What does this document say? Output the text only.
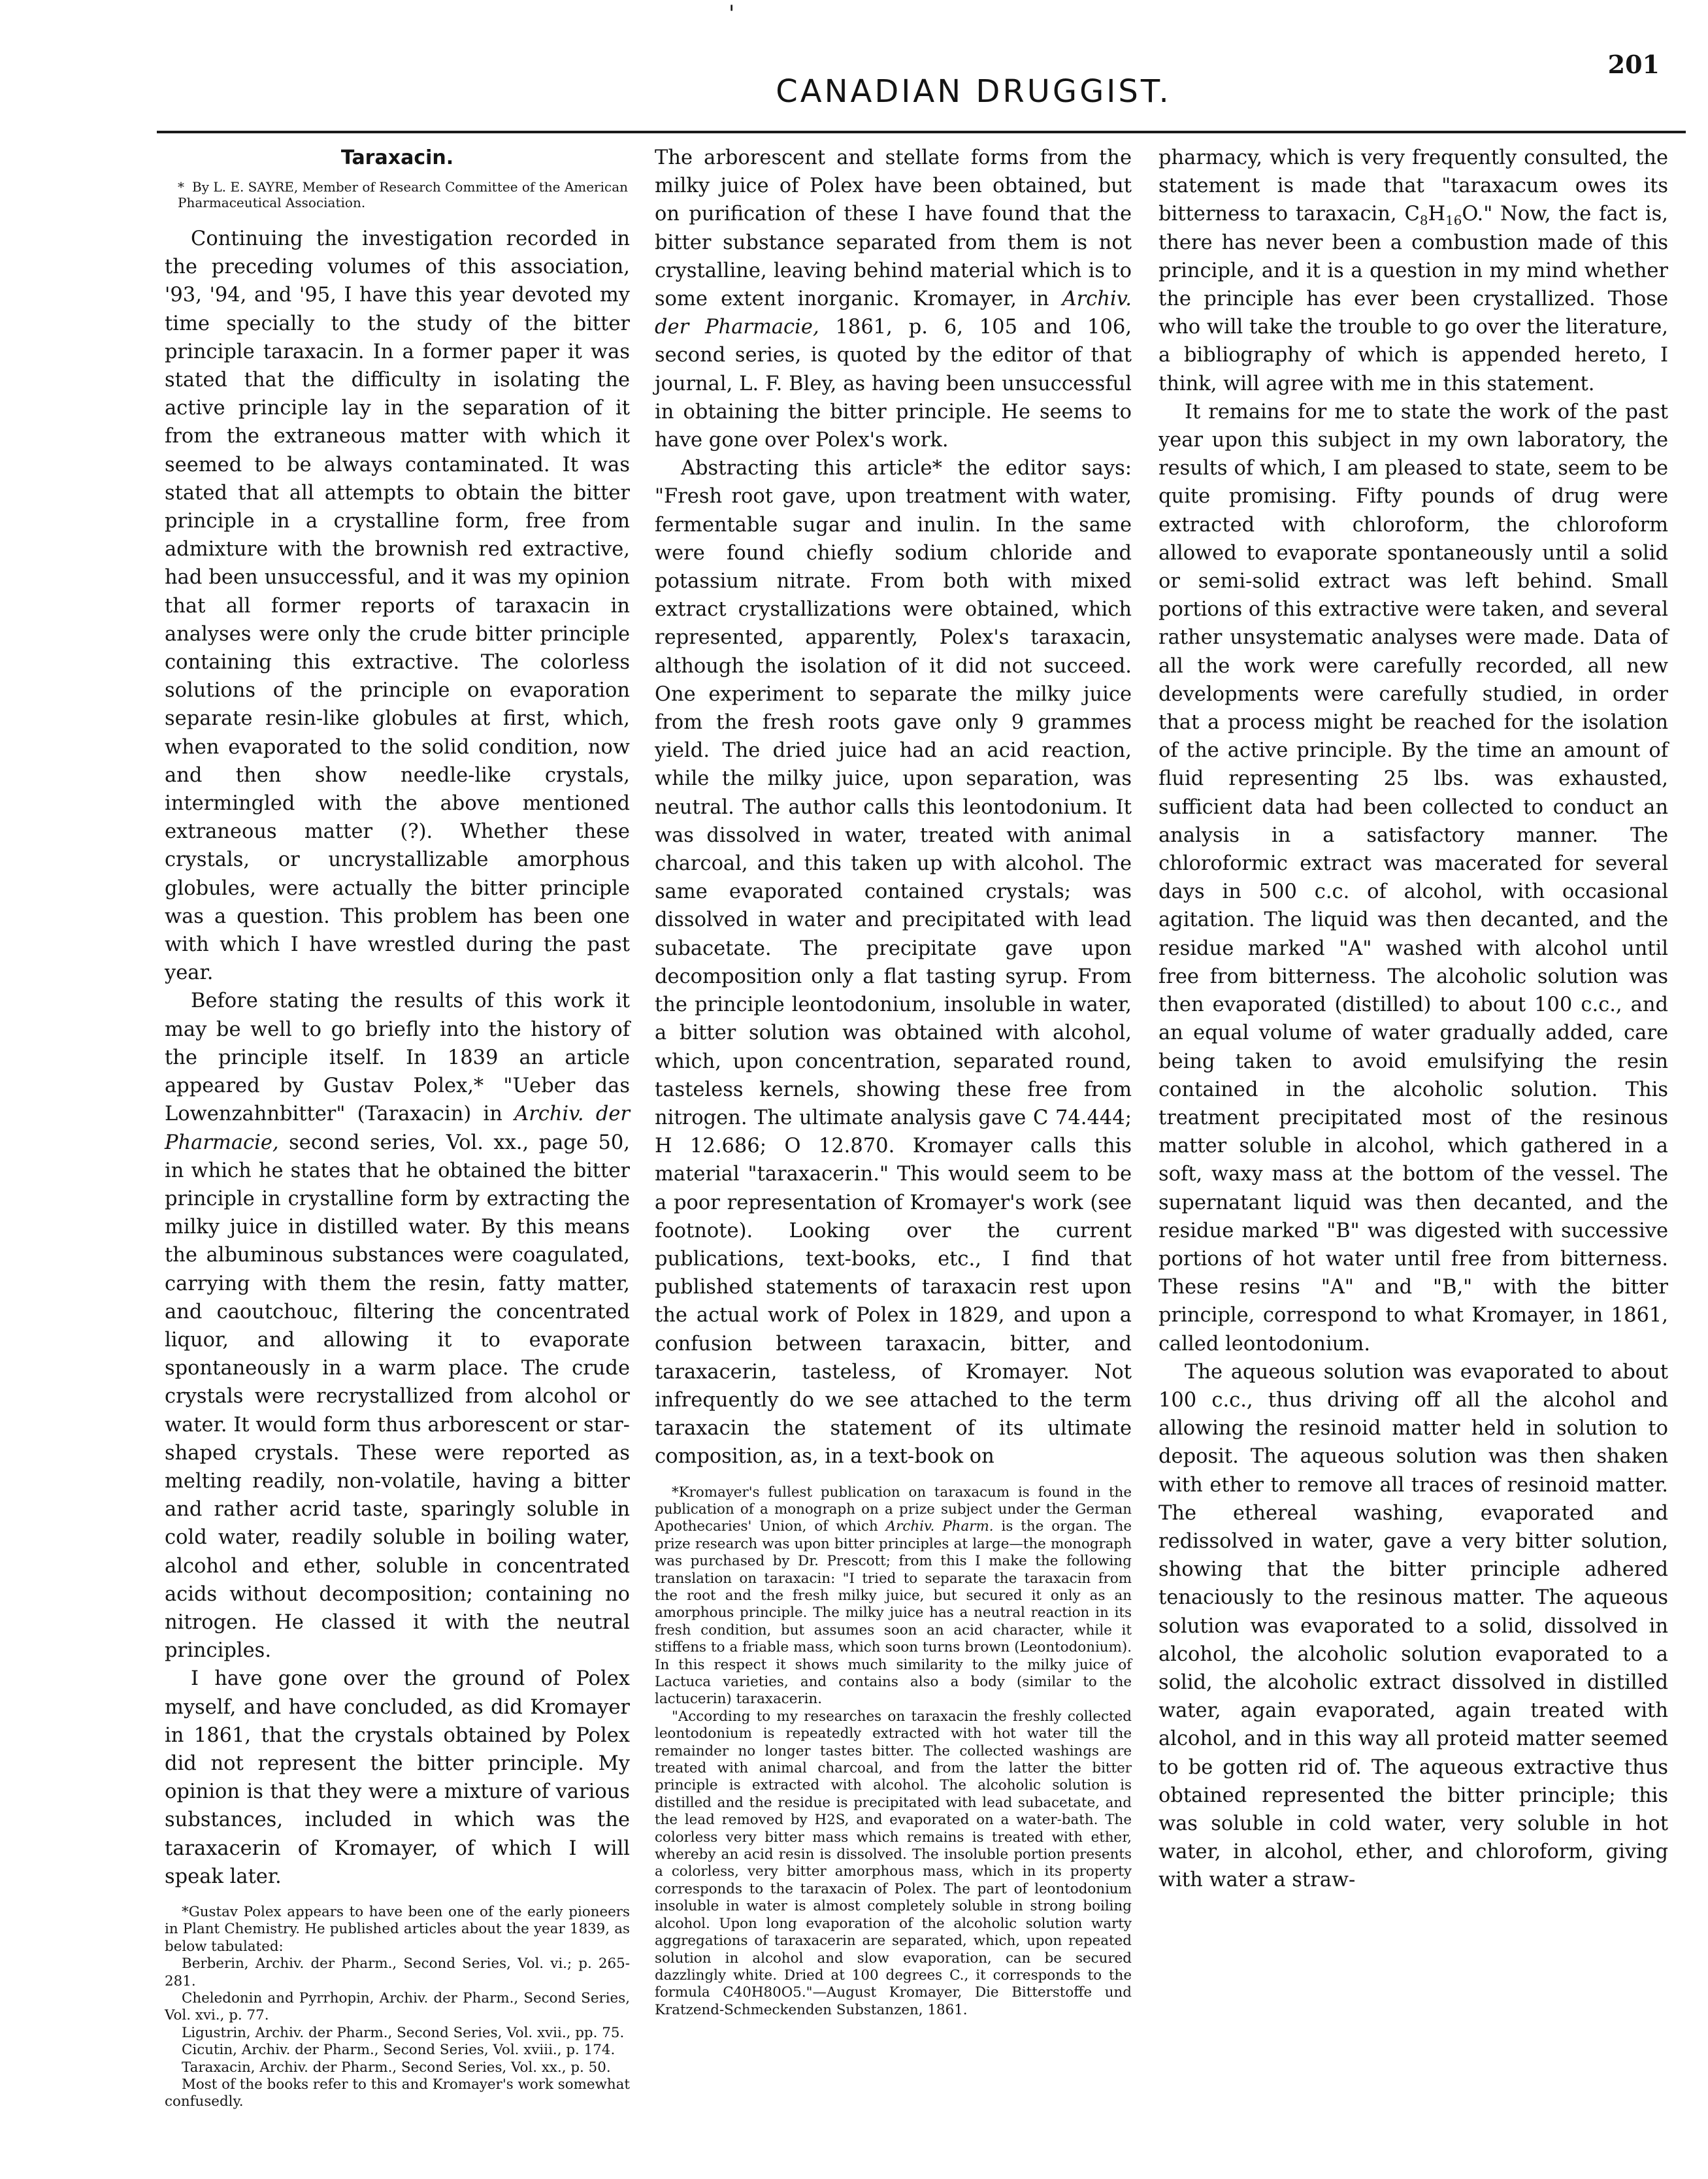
'
CANADIAN DRUGGIST.
201
Taraxacin.
* By L. E. SAYRE, Member of Research Committee of the American Pharmaceutical Association.

Continuing the investigation recorded in the preceding volumes of this association, '93, '94, and '95, I have this year devoted my time specially to the study of the bitter principle taraxacin. In a former paper it was stated that the difficulty in isolating the active principle lay in the separation of it from the extraneous matter with which it seemed to be always contaminated. It was stated that all attempts to obtain the bitter principle in a crystalline form, free from admixture with the brownish red extractive, had been unsuccessful, and it was my opinion that all former reports of taraxacin in analyses were only the crude bitter principle containing this extractive. The colorless solutions of the principle on evaporation separate resin-like globules at first, which, when evaporated to the solid condition, now and then show needle-like crystals, intermingled with the above mentioned extraneous matter (?). Whether these crystals, or uncrystallizable amorphous globules, were actually the bitter principle was a question. This problem has been one with which I have wrestled during the past year.

Before stating the results of this work it may be well to go briefly into the history of the principle itself. In 1839 an article appeared by Gustav Polex,* "Ueber das Lowenzahnbitter" (Taraxacin) in Archiv. der Pharmacie, second series, Vol. xx., page 50, in which he states that he obtained the bitter principle in crystalline form by extracting the milky juice in distilled water. By this means the albuminous substances were coagulated, carrying with them the resin, fatty matter, and caoutchouc, filtering the concentrated liquor, and allowing it to evaporate spontaneously in a warm place. The crude crystals were recrystallized from alcohol or water. It would form thus arborescent or star-shaped crystals. These were reported as melting readily, non-volatile, having a bitter and rather acrid taste, sparingly soluble in cold water, readily soluble in boiling water, alcohol and ether, soluble in concentrated acids without decomposition; containing no nitrogen. He classed it with the neutral principles.

I have gone over the ground of Polex myself, and have concluded, as did Kromayer in 1861, that the crystals obtained by Polex did not represent the bitter principle. My opinion is that they were a mixture of various substances, included in which was the taraxacerin of Kromayer, of which I will speak later.

*Gustav Polex appears to have been one of the early pioneers in Plant Chemistry. He published articles about the year 1839, as below tabulated:

Berberin, Archiv. der Pharm., Second Series, Vol. vi.; p. 265-281.

Cheledonin and Pyrrhopin, Archiv. der Pharm., Second Series, Vol. xvi., p. 77.

Ligustrin, Archiv. der Pharm., Second Series, Vol. xvii., pp. 75.

Cicutin, Archiv. der Pharm., Second Series, Vol. xviii., p. 174.

Taraxacin, Archiv. der Pharm., Second Series, Vol. xx., p. 50.

Most of the books refer to this and Kromayer's work somewhat confusedly.

The arborescent and stellate forms from the milky juice of Polex have been obtained, but on purification of these I have found that the bitter substance separated from them is not crystalline, leaving behind material which is to some extent inorganic. Kromayer, in Archiv. der Pharmacie, 1861, p. 6, 105 and 106, second series, is quoted by the editor of that journal, L. F. Bley, as having been unsuccessful in obtaining the bitter principle. He seems to have gone over Polex's work.

Abstracting this article* the editor says: "Fresh root gave, upon treatment with water, fermentable sugar and inulin. In the same were found chiefly sodium chloride and potassium nitrate. From both with mixed extract crystallizations were obtained, which represented, apparently, Polex's taraxacin, although the isolation of it did not succeed. One experiment to separate the milky juice from the fresh roots gave only 9 grammes yield. The dried juice had an acid reaction, while the milky juice, upon separation, was neutral. The author calls this leontodonium. It was dissolved in water, treated with animal charcoal, and this taken up with alcohol. The same evaporated contained crystals; was dissolved in water and precipitated with lead subacetate. The precipitate gave upon decomposition only a flat tasting syrup. From the principle leontodonium, insoluble in water, a bitter solution was obtained with alcohol, which, upon concentration, separated round, tasteless kernels, showing these free from nitrogen. The ultimate analysis gave C 74.444; H 12.686; O 12.870. Kromayer calls this material "taraxacerin." This would seem to be a poor representation of Kromayer's work (see footnote). Looking over the current publications, text-books, etc., I find that published statements of taraxacin rest upon the actual work of Polex in 1829, and upon a confusion between taraxacin, bitter, and taraxacerin, tasteless, of Kromayer. Not infrequently do we see attached to the term taraxacin the statement of its ultimate composition, as, in a text-book on

*Kromayer's fullest publication on taraxacum is found in the publication of a monograph on a prize subject under the German Apothecaries' Union, of which Archiv. Pharm. is the organ. The prize research was upon bitter principles at large—the monograph was purchased by Dr. Prescott; from this I make the following translation on taraxacin: "I tried to separate the taraxacin from the root and the fresh milky juice, but secured it only as an amorphous principle. The milky juice has a neutral reaction in its fresh condition, but assumes soon an acid character, while it stiffens to a friable mass, which soon turns brown (Leontodonium). In this respect it shows much similarity to the milky juice of Lactuca varieties, and contains also a body (similar to the lactucerin) taraxacerin.

"According to my researches on taraxacin the freshly collected leontodonium is repeatedly extracted with hot water till the remainder no longer tastes bitter. The collected washings are treated with animal charcoal, and from the latter the bitter principle is extracted with alcohol. The alcoholic solution is distilled and the residue is precipitated with lead subacetate, and the lead removed by H2S, and evaporated on a water-bath. The colorless very bitter mass which remains is treated with ether, whereby an acid resin is dissolved. The insoluble portion presents a colorless, very bitter amorphous mass, which in its property corresponds to the taraxacin of Polex. The part of leontodonium insoluble in water is almost completely soluble in strong boiling alcohol. Upon long evaporation of the alcoholic solution warty aggregations of taraxacerin are separated, which, upon repeated solution in alcohol and slow evaporation, can be secured dazzlingly white. Dried at 100 degrees C., it corresponds to the formula C40H80O5."—August Kromayer, Die Bitterstoffe und Kratzend-Schmeckenden Substanzen, 1861.

pharmacy, which is very frequently consulted, the statement is made that "taraxacum owes its bitterness to taraxacin, $C_8H_{16}O$." Now, the fact is, there has never been a combustion made of this principle, and it is a question in my mind whether the principle has ever been crystallized. Those who will take the trouble to go over the literature, a bibliography of which is appended hereto, I think, will agree with me in this statement.

It remains for me to state the work of the past year upon this subject in my own laboratory, the results of which, I am pleased to state, seem to be quite promising. Fifty pounds of drug were extracted with chloroform, the chloroform allowed to evaporate spontaneously until a solid or semi-solid extract was left behind. Small portions of this extractive were taken, and several rather unsystematic analyses were made. Data of all the work were carefully recorded, all new developments were carefully studied, in order that a process might be reached for the isolation of the active principle. By the time an amount of fluid representing 25 lbs. was exhausted, sufficient data had been collected to conduct an analysis in a satisfactory manner. The chloroformic extract was macerated for several days in 500 c.c. of alcohol, with occasional agitation. The liquid was then decanted, and the residue marked "A" washed with alcohol until free from bitterness. The alcoholic solution was then evaporated (distilled) to about 100 c.c., and an equal volume of water gradually added, care being taken to avoid emulsifying the resin contained in the alcoholic solution. This treatment precipitated most of the resinous matter soluble in alcohol, which gathered in a soft, waxy mass at the bottom of the vessel. The supernatant liquid was then decanted, and the residue marked "B" was digested with successive portions of hot water until free from bitterness. These resins "A" and "B," with the bitter principle, correspond to what Kromayer, in 1861, called leontodonium.

The aqueous solution was evaporated to about 100 c.c., thus driving off all the alcohol and allowing the resinoid matter held in solution to deposit. The aqueous solution was then shaken with ether to remove all traces of resinoid matter. The ethereal washing, evaporated and redissolved in water, gave a very bitter solution, showing that the bitter principle adhered tenaciously to the resinous matter. The aqueous solution was evaporated to a solid, dissolved in alcohol, the alcoholic solution evaporated to a solid, the alcoholic extract dissolved in distilled water, again evaporated, again treated with alcohol, and in this way all proteid matter seemed to be gotten rid of. The aqueous extractive thus obtained represented the bitter principle; this was soluble in cold water, very soluble in hot water, in alcohol, ether, and chloroform, giving with water a straw-
